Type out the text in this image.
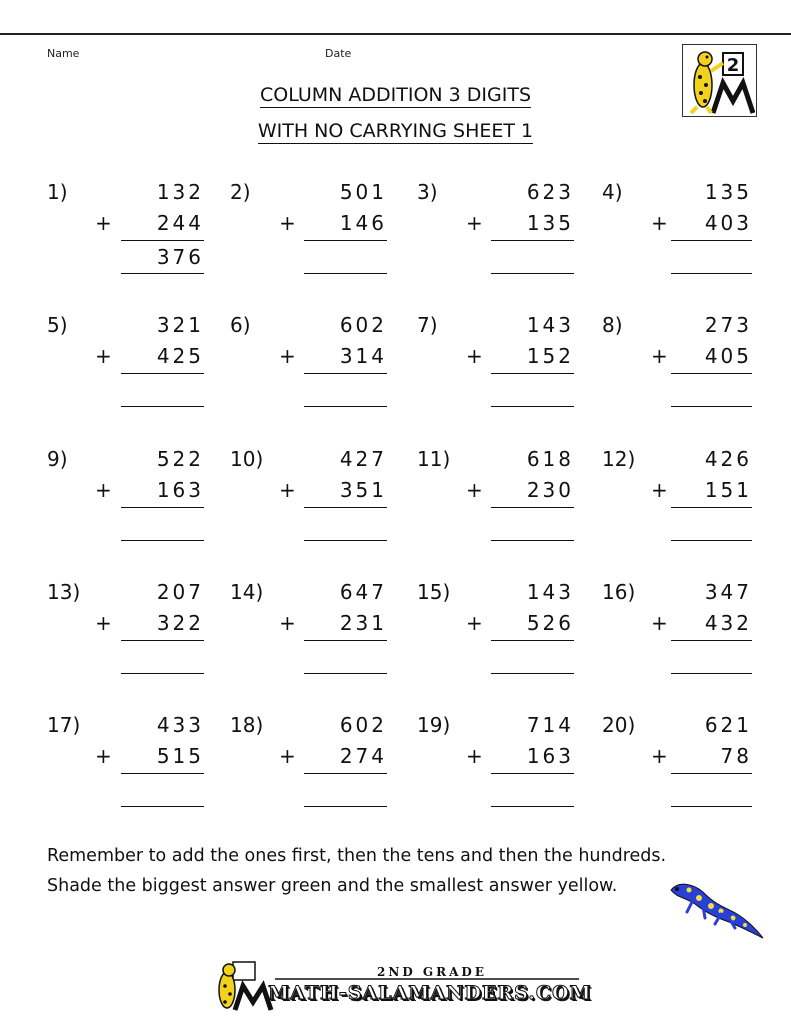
Name	Date
COLUMN ADDITION 3 DIGITS
WITH NO CARRYING SHEET 1
2
1)	132
+ 244
376
2)	501
+ 146
3)	623
+ 135
4)	135
+ 403
5)	321
+ 425
6)	602
+ 314
7)	143
+ 152
8)	273
+ 405
9)	522
+ 163
10)	427
+ 351
11)	618
+ 230
12)	426
+ 151
13)	207
+ 322
14)	647
+ 231
15)	143
+ 526
16)	347
+ 432
17)	433
+ 515
18)	602
+ 274
19)	714
+ 163
20)	621
+	78
Remember to add the ones first, then the tens and then the hundreds.
Shade the biggest answer green and the smallest answer yellow.
2ND GRADE
MATH-SALAMANDERS.COM
